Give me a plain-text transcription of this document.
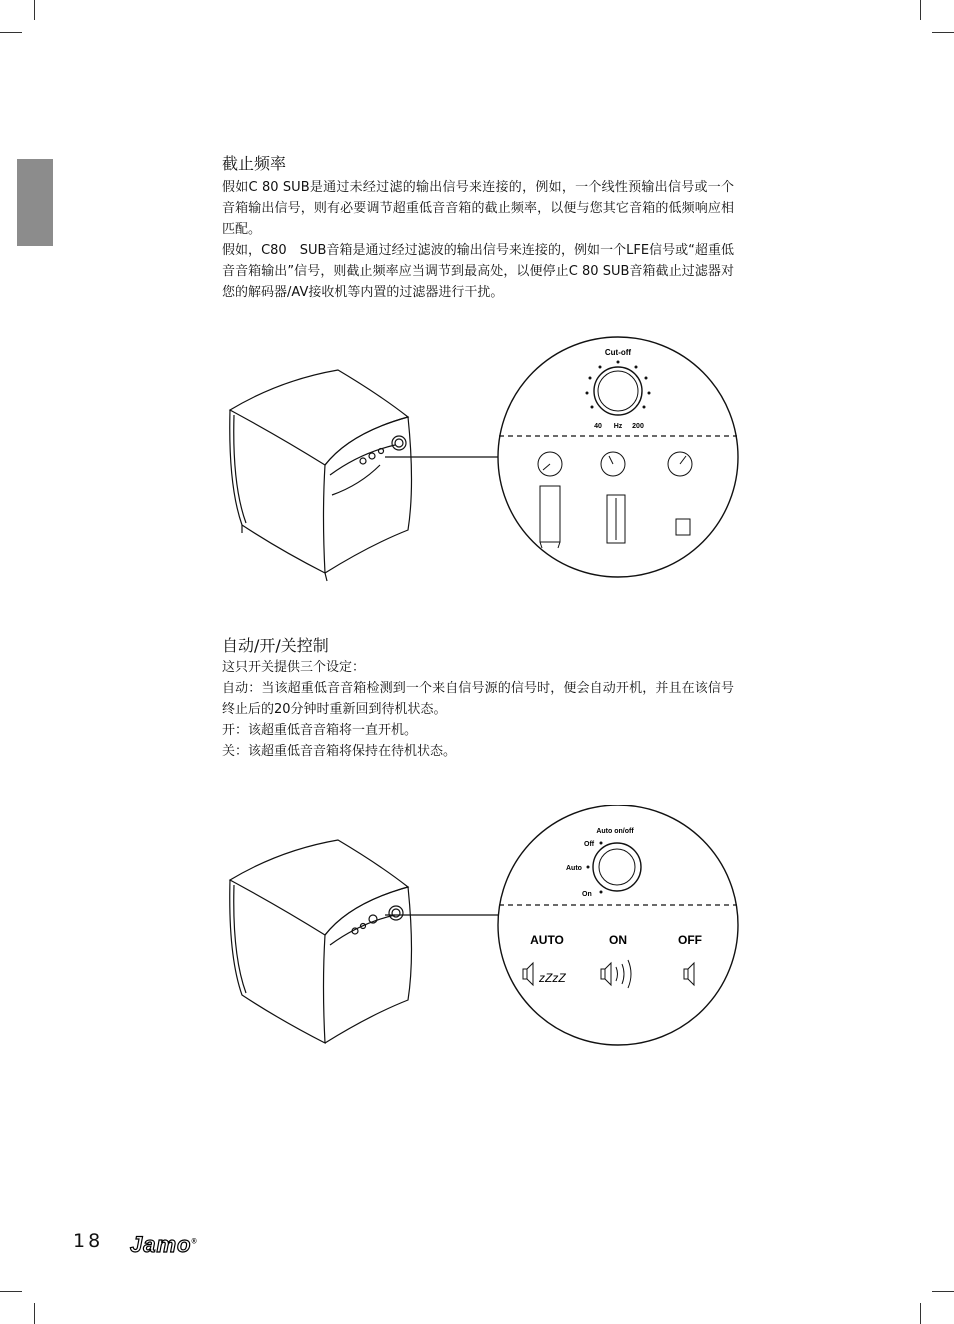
截止频率

假如C 80 SUB是通过未经过滤的输出信号来连接的，例如，一个线性预输出信号或一个音箱输出信号，则有必要调节超重低音音箱的截止频率，以便与您其它音箱的低频响应相匹配。

假如，C80　SUB音箱是通过经过滤波的输出信号来连接的，例如一个LFE信号或“超重低音音箱输出”信号，则截止频率应当调节到最高处，以便停止C 80 SUB音箱截止过滤器对您的解码器/AV接收机等内置的过滤器进行干扰。

Cut-off
40 Hz 200
自动/开/关控制

这只开关提供三个设定：

自动：当该超重低音音箱检测到一个来自信号源的信号时，便会自动开机，并且在该信号终止后的20分钟时重新回到待机状态。

开：该超重低音音箱将一直开机。

关：该超重低音音箱将保持在待机状态。

Auto on/off
Off
Auto
On
AUTO	ON	OFF
zZzZ
18 Jamo®
